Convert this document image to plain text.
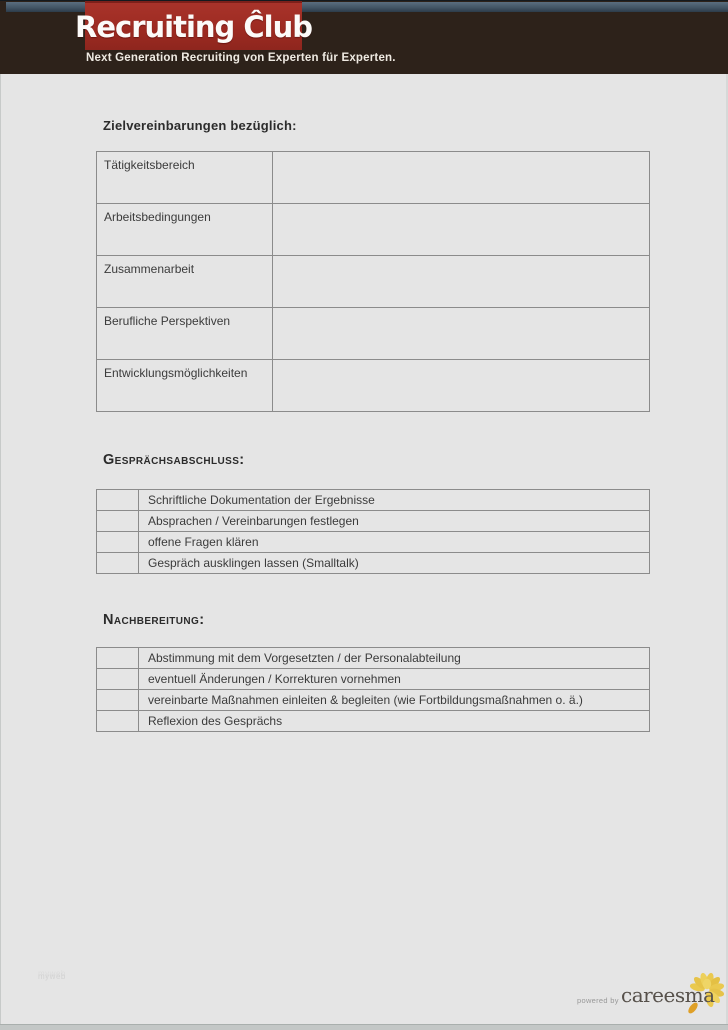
Recruiting Ĉlub
Next Generation Recruiting von Experten für Experten.
Zielvereinbarungen bezüglich:
Tätigkeitsbereich	
Arbeitsbedingungen	
Zusammenarbeit	
Berufliche Perspektiven	
Entwicklungsmöglichkeiten	
Gesprächsabschluss:
	Schriftliche Dokumentation der Ergebnisse
	Absprachen / Vereinbarungen festlegen
	offene Fragen klären
	Gespräch ausklingen lassen (Smalltalk)
Nachbereitung:
	Abstimmung mit dem Vorgesetzten / der Personalabteilung
	eventuell Änderungen / Korrekturen vornehmen
	vereinbarte Maßnahmen einleiten & begleiten (wie Fortbildungsmaßnahmen o. ä.)
	Reflexion des Gesprächs
myweb
powered by careesma
